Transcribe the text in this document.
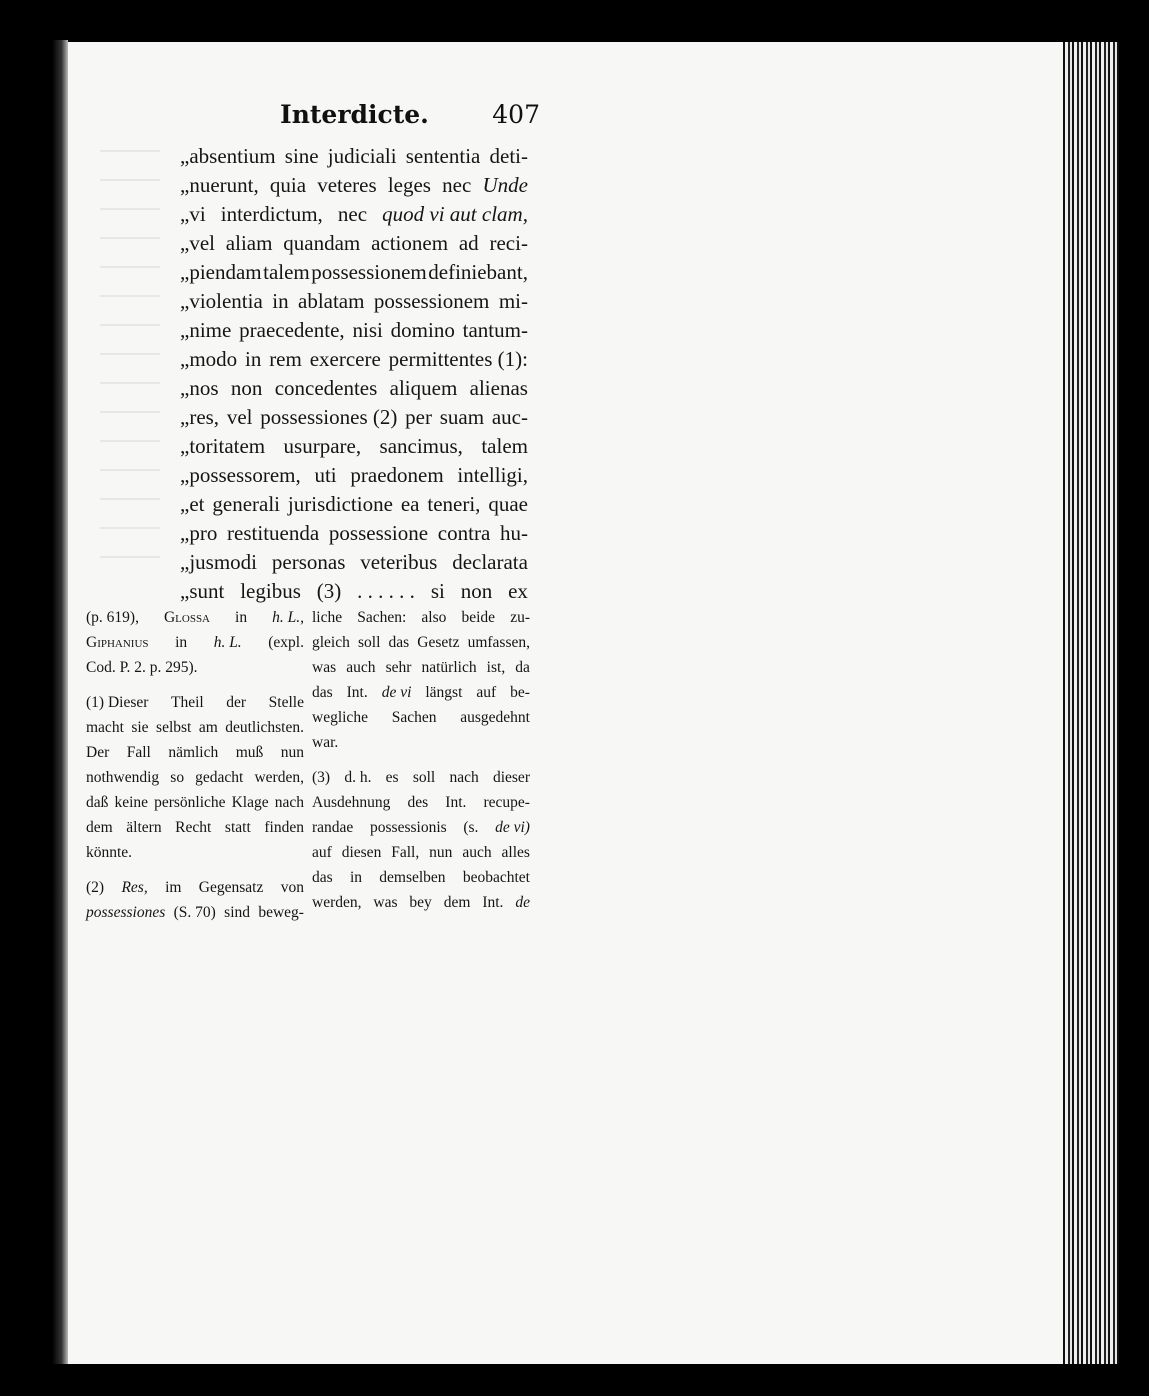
Interdicte.	407
„absentium sine judiciali sententia deti-
„nuerunt, quia veteres leges nec Unde
„vi interdictum, nec quod vi aut clam,
„vel aliam quandam actionem ad reci-
„piendam talem possessionem definiebant,
„violentia in ablatam possessionem mi-
„nime praecedente, nisi domino tantum-
„modo in rem exercere permittentes (1):
„nos non concedentes aliquem alienas
„res, vel possessiones (2) per suam auc-
„toritatem usurpare, sancimus, talem
„possessorem, uti praedonem intelligi,
„et generali jurisdictione ea teneri, quae
„pro restituenda possessione contra hu-
„jusmodi personas veteribus declarata
„sunt legibus (3) . . . . . . si non ex
(p. 619), Glossa in h. L.,
Giphanius in h. L. (expl.
Cod. P. 2. p. 295).
(1) Dieser Theil der Stelle
macht sie selbst am deutlichsten.
Der Fall nämlich muß nun
nothwendig so gedacht werden,
daß keine persönliche Klage nach
dem ältern Recht statt finden
könnte.
(2) Res, im Gegensatz von
possessiones (S. 70) sind beweg-
liche Sachen: also beide zu-
gleich soll das Gesetz umfassen,
was auch sehr natürlich ist, da
das Int. de vi längst auf be-
wegliche Sachen ausgedehnt
war.
(3) d. h. es soll nach dieser
Ausdehnung des Int. recupe-
randae possessionis (s. de vi)
auf diesen Fall, nun auch alles
das in demselben beobachtet
werden, was bey dem Int. de
